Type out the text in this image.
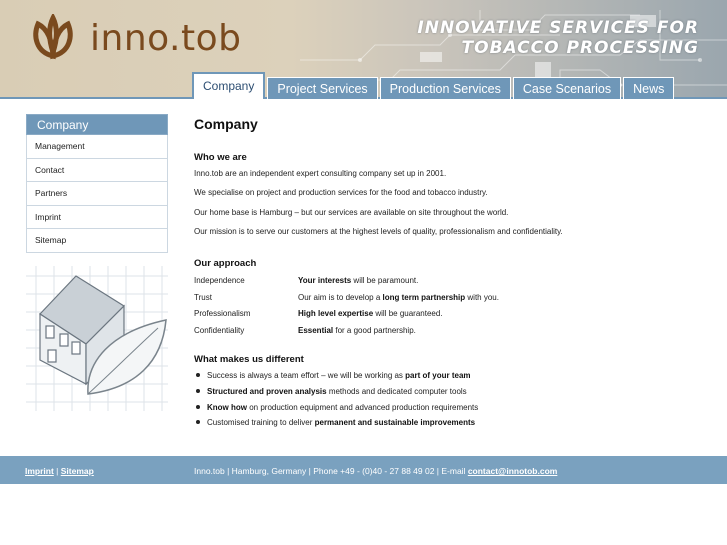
inno.tob	INNOVATIVE SERVICES FOR
TOBACCO PROCESSING
Company	Project Services	Production Services	Case Scenarios	News
Company
Management
Contact
Partners
Imprint
Sitemap
Company
Who we are
Inno.tob are an independent expert consulting company set up in 2001.
We specialise on project and production services for the food and tobacco industry.
Our home base is Hamburg – but our services are available on site throughout the world.
Our mission is to serve our customers at the highest levels of quality, professionalism and confidentiality.
Our approach
Independence	Your interests will be paramount.
Trust	Our aim is to develop a long term partnership with you.
Professionalism	High level expertise will be guaranteed.
Confidentiality	Essential for a good partnership.
What makes us different
Success is always a team effort – we will be working as part of your team
Structured and proven analysis methods and dedicated computer tools
Know how on production equipment and advanced production requirements
Customised training to deliver permanent and sustainable improvements
Imprint | Sitemap	Inno.tob | Hamburg, Germany | Phone +49 - (0)40 - 27 88 49 02 | E-mail contact@innotob.com
